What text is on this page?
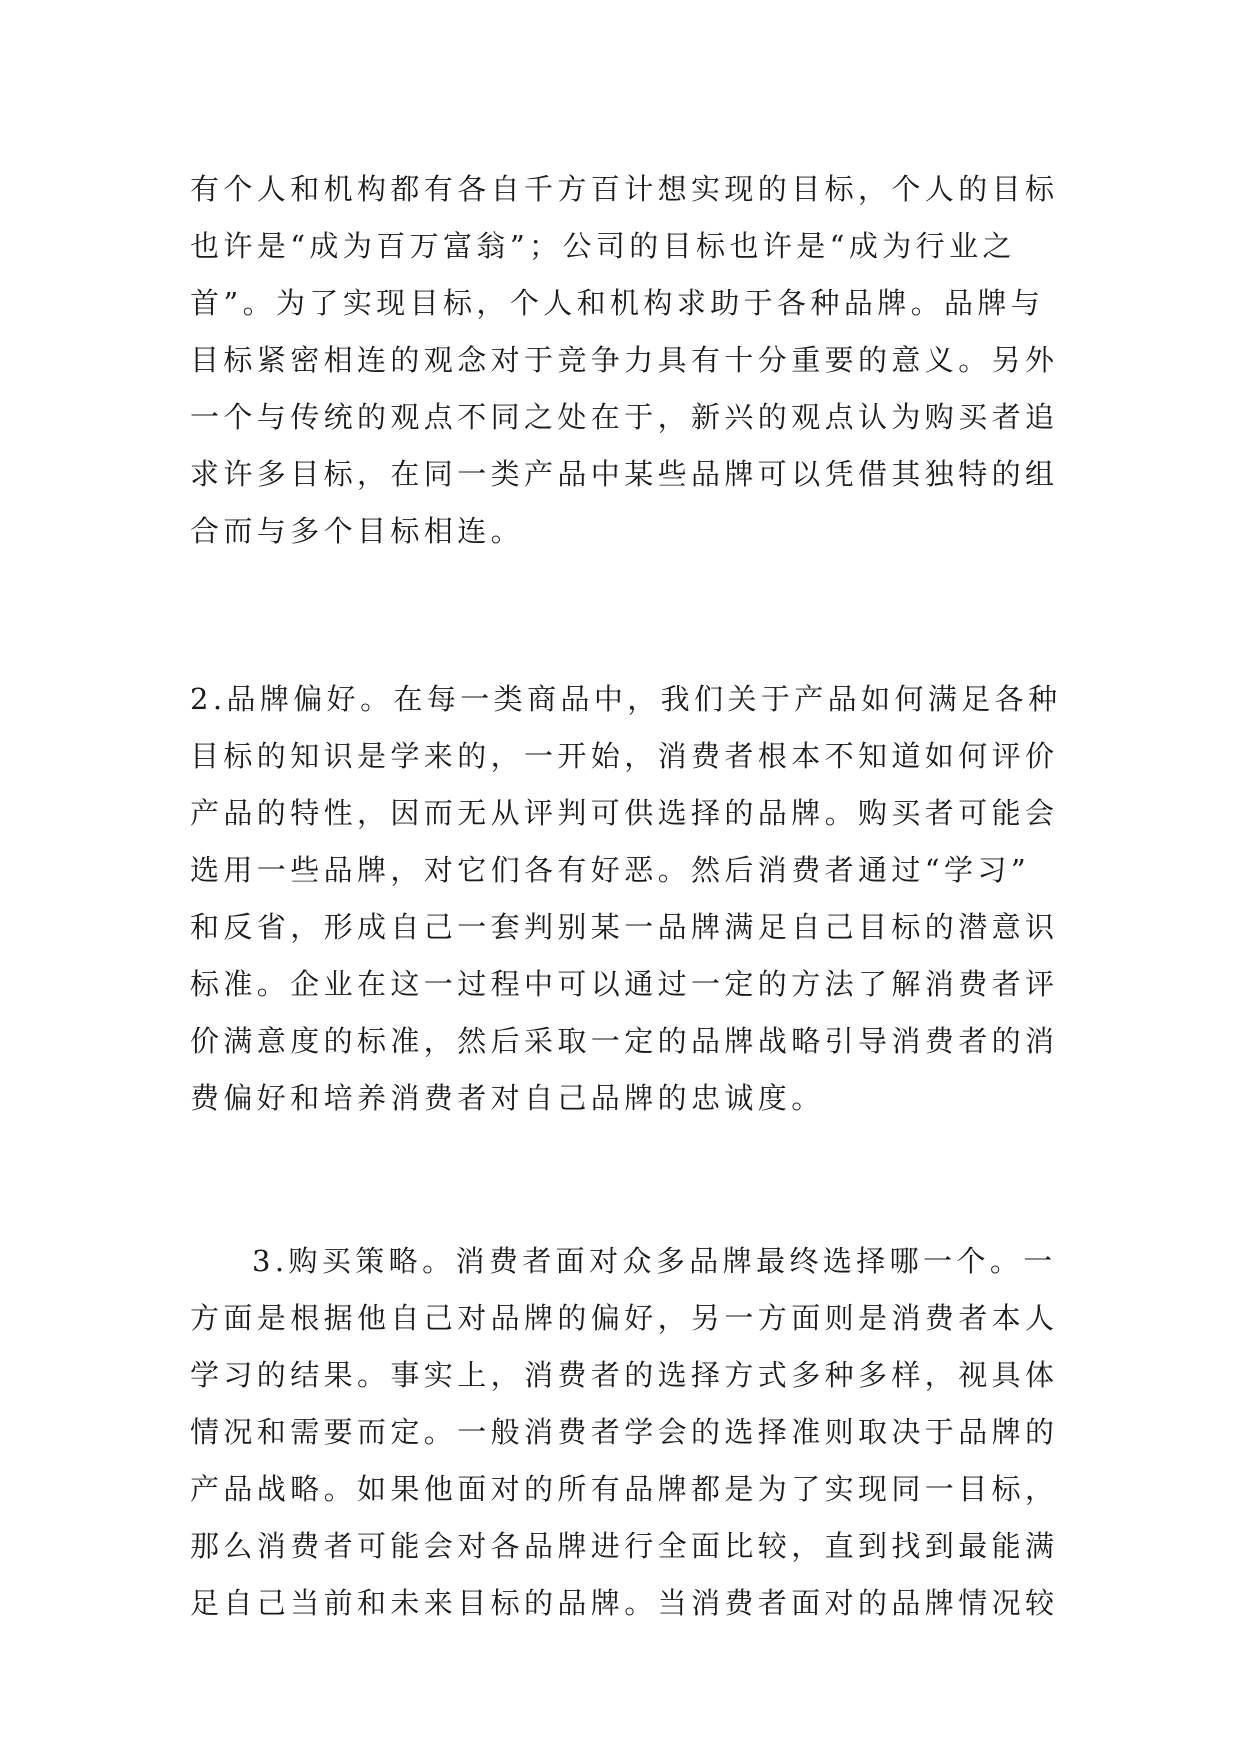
有个人和机构都有各自千方百计想实现的目标，个人的目标
也许是“成为百万富翁”；公司的目标也许是“成为行业之
首”。为了实现目标，个人和机构求助于各种品牌。品牌与
目标紧密相连的观念对于竞争力具有十分重要的意义。另外
一个与传统的观点不同之处在于，新兴的观点认为购买者追
求许多目标，在同一类产品中某些品牌可以凭借其独特的组
合而与多个目标相连。
2.品牌偏好。在每一类商品中，我们关于产品如何满足各种
目标的知识是学来的，一开始，消费者根本不知道如何评价
产品的特性，因而无从评判可供选择的品牌。购买者可能会
选用一些品牌，对它们各有好恶。然后消费者通过“学习”
和反省，形成自己一套判别某一品牌满足自己目标的潜意识
标准。企业在这一过程中可以通过一定的方法了解消费者评
价满意度的标准，然后采取一定的品牌战略引导消费者的消
费偏好和培养消费者对自己品牌的忠诚度。
3.购买策略。消费者面对众多品牌最终选择哪一个。一
方面是根据他自己对品牌的偏好，另一方面则是消费者本人
学习的结果。事实上，消费者的选择方式多种多样，视具体
情况和需要而定。一般消费者学会的选择准则取决于品牌的
产品战略。如果他面对的所有品牌都是为了实现同一目标，
那么消费者可能会对各品牌进行全面比较，直到找到最能满
足自己当前和未来目标的品牌。当消费者面对的品牌情况较
